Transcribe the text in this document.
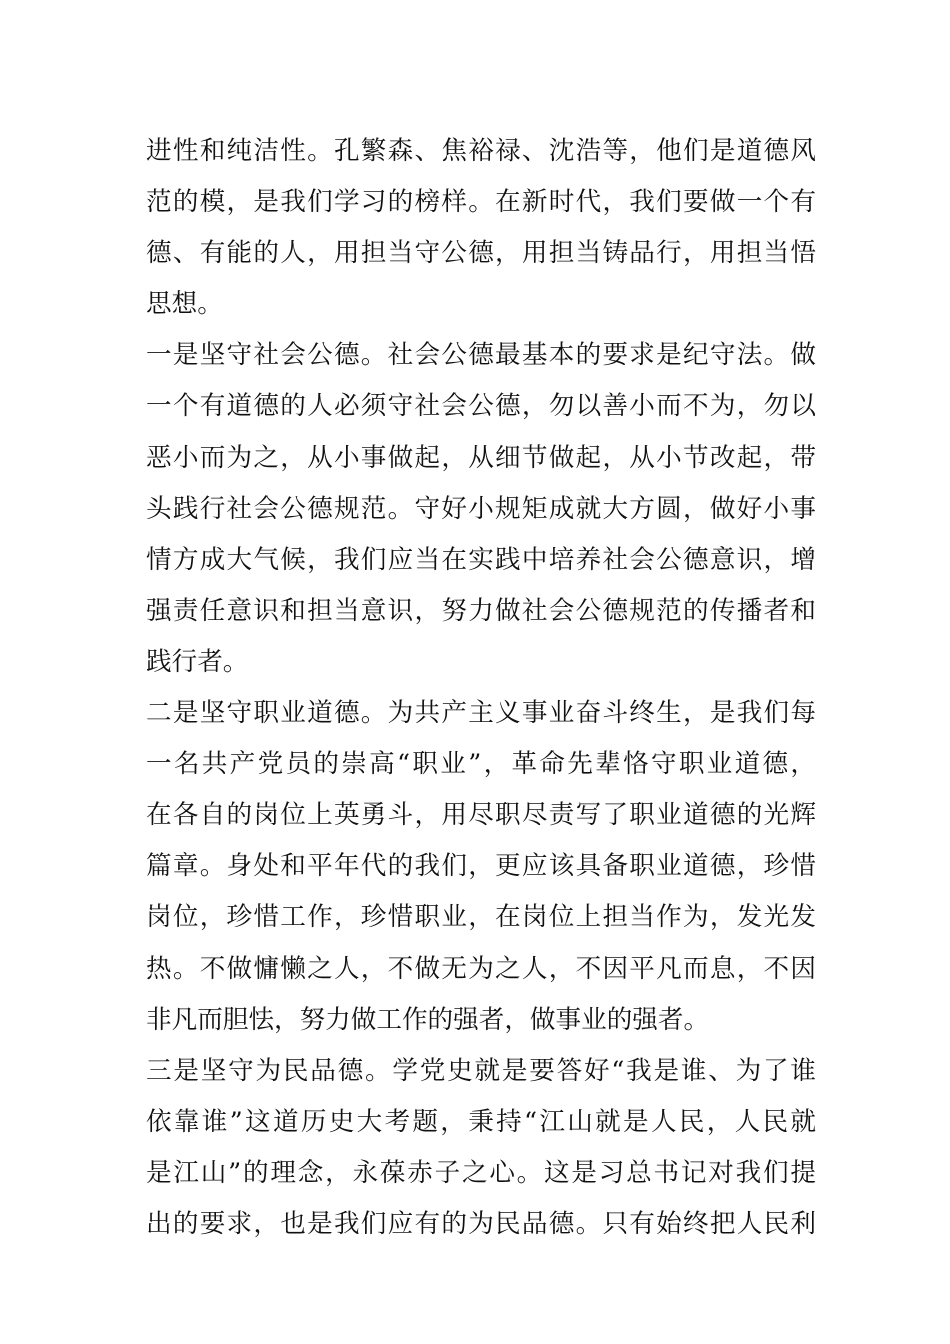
进性和纯洁性。孔繁森、焦裕禄、沈浩等，他们是道德风
范的模，是我们学习的榜样。在新时代，我们要做一个有
德、有能的人，用担当守公德，用担当铸品行，用担当悟
思想。
一是坚守社会公德。社会公德最基本的要求是纪守法。做
一个有道德的人必须守社会公德，勿以善小而不为，勿以
恶小而为之，从小事做起，从细节做起，从小节改起，带
头践行社会公德规范。守好小规矩成就大方圆，做好小事
情方成大气候，我们应当在实践中培养社会公德意识，增
强责任意识和担当意识，努力做社会公德规范的传播者和
践行者。
二是坚守职业道德。为共产主义事业奋斗终生，是我们每
一名共产党员的崇高“职业”，革命先辈恪守职业道德，
在各自的岗位上英勇斗，用尽职尽责写了职业道德的光辉
篇章。身处和平年代的我们，更应该具备职业道德，珍惜
岗位，珍惜工作，珍惜职业，在岗位上担当作为，发光发
热。不做慵懒之人，不做无为之人，不因平凡而息，不因
非凡而胆怯，努力做工作的强者，做事业的强者。
三是坚守为民品德。学党史就是要答好“我是谁、为了谁
依靠谁”这道历史大考题，秉持“江山就是人民，人民就
是江山”的理念，永葆赤子之心。这是习总书记对我们提
出的要求，也是我们应有的为民品德。只有始终把人民利
